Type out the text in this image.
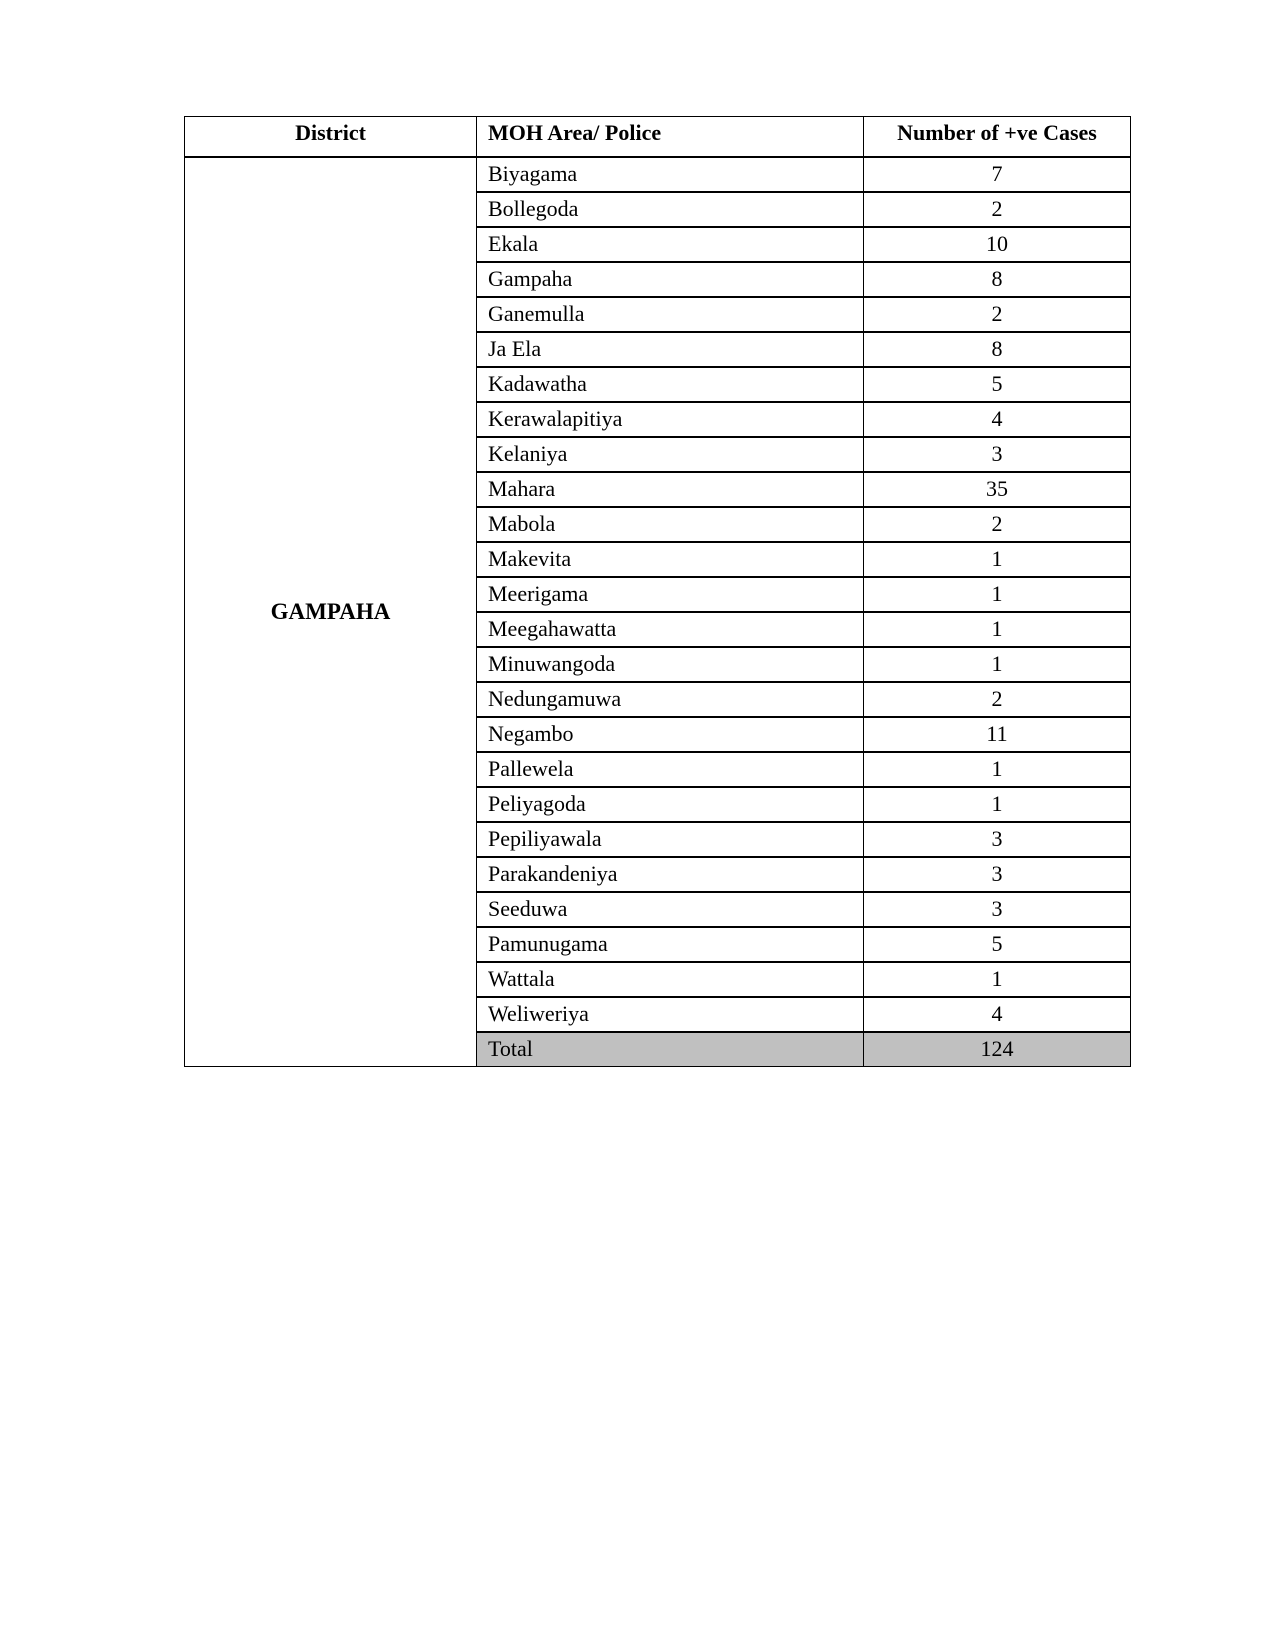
District	MOH Area/ Police	Number of +ve Cases
GAMPAHA	Biyagama	7
	Bollegoda	2
	Ekala	10
	Gampaha	8
	Ganemulla	2
	Ja Ela	8
	Kadawatha	5
	Kerawalapitiya	4
	Kelaniya	3
	Mahara	35
	Mabola	2
	Makevita	1
	Meerigama	1
	Meegahawatta	1
	Minuwangoda	1
	Nedungamuwa	2
	Negambo	11
	Pallewela	1
	Peliyagoda	1
	Pepiliyawala	3
	Parakandeniya	3
	Seeduwa	3
	Pamunugama	5
	Wattala	1
	Weliweriya	4
	Total	124
